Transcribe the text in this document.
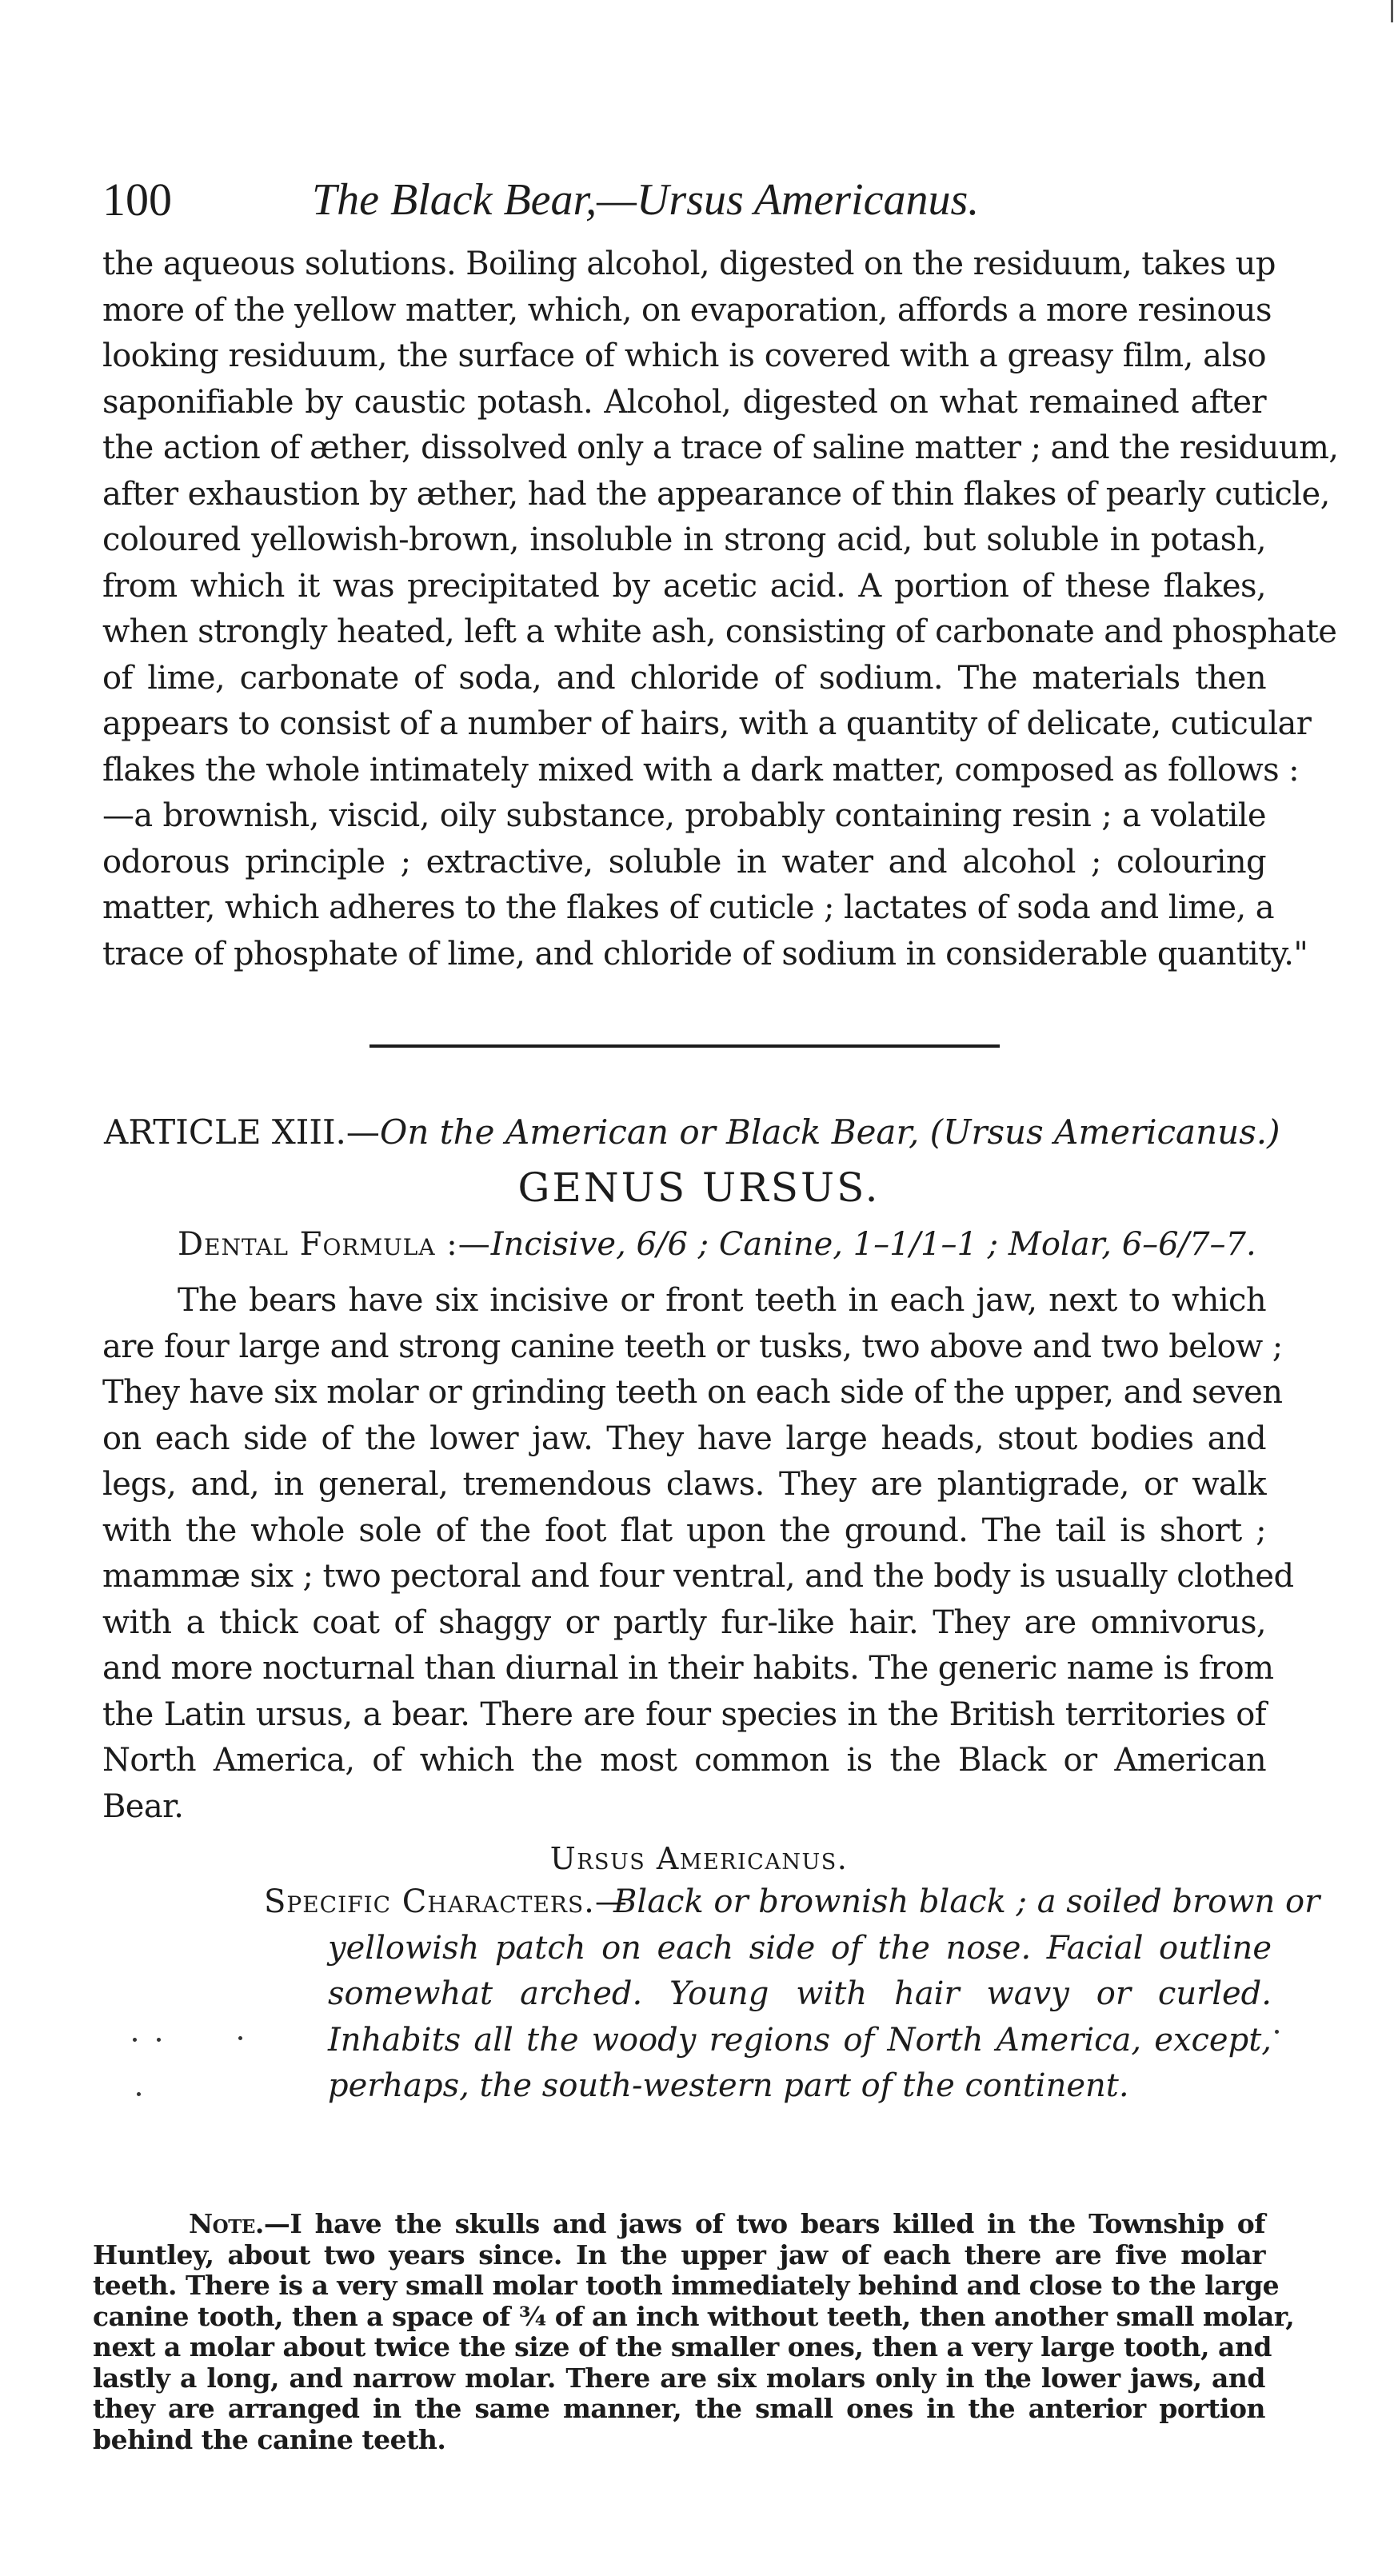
100	The Black Bear,—Ursus Americanus.
the aqueous solutions. Boiling alcohol, digested on the residuum, takes up
more of the yellow matter, which, on evaporation, affords a more resinous
looking residuum, the surface of which is covered with a greasy film, also
saponifiable by caustic potash. Alcohol, digested on what remained after
the action of æther, dissolved only a trace of saline matter ; and the residuum,
after exhaustion by æther, had the appearance of thin flakes of pearly cuticle,
coloured yellowish-brown, insoluble in strong acid, but soluble in potash,
from which it was precipitated by acetic acid. A portion of these flakes,
when strongly heated, left a white ash, consisting of carbonate and phosphate
of lime, carbonate of soda, and chloride of sodium. The materials then
appears to consist of a number of hairs, with a quantity of delicate, cuticular
flakes the whole intimately mixed with a dark matter, composed as follows :
—a brownish, viscid, oily substance, probably containing resin ; a volatile
odorous principle ; extractive, soluble in water and alcohol ; colouring
matter, which adheres to the flakes of cuticle ; lactates of soda and lime, a
trace of phosphate of lime, and chloride of sodium in considerable quantity."
ARTICLE XIII.—On the American or Black Bear, (Ursus Americanus.)
GENUS URSUS.
Dental Formula :—Incisive, 6/6 ; Canine, 1–1/1–1 ; Molar, 6–6/7–7.
The bears have six incisive or front teeth in each jaw, next to which
are four large and strong canine teeth or tusks, two above and two below ;
They have six molar or grinding teeth on each side of the upper, and seven
on each side of the lower jaw. They have large heads, stout bodies and
legs, and, in general, tremendous claws. They are plantigrade, or walk
with the whole sole of the foot flat upon the ground. The tail is short ;
mammæ six ; two pectoral and four ventral, and the body is usually clothed
with a thick coat of shaggy or partly fur-like hair. They are omnivorus,
and more nocturnal than diurnal in their habits. The generic name is from
the Latin ursus, a bear. There are four species in the British territories of
North America, of which the most common is the Black or American
Bear.
Ursus Americanus.
Specific Characters.—
Black or brownish black ; a soiled brown or
yellowish patch on each side of the nose. Facial outline
somewhat arched. Young with hair wavy or curled.
Inhabits all the woody regions of North America, except,
perhaps, the south-western part of the continent.
Note.—I have the skulls and jaws of two bears killed in the Township of
Huntley, about two years since. In the upper jaw of each there are five molar
teeth. There is a very small molar tooth immediately behind and close to the large
canine tooth, then a space of ¾ of an inch without teeth, then another small molar,
next a molar about twice the size of the smaller ones, then a very large tooth, and
lastly a long, and narrow molar. There are six molars only in the lower jaws, and
they are arranged in the same manner, the small ones in the anterior portion
behind the canine teeth.
